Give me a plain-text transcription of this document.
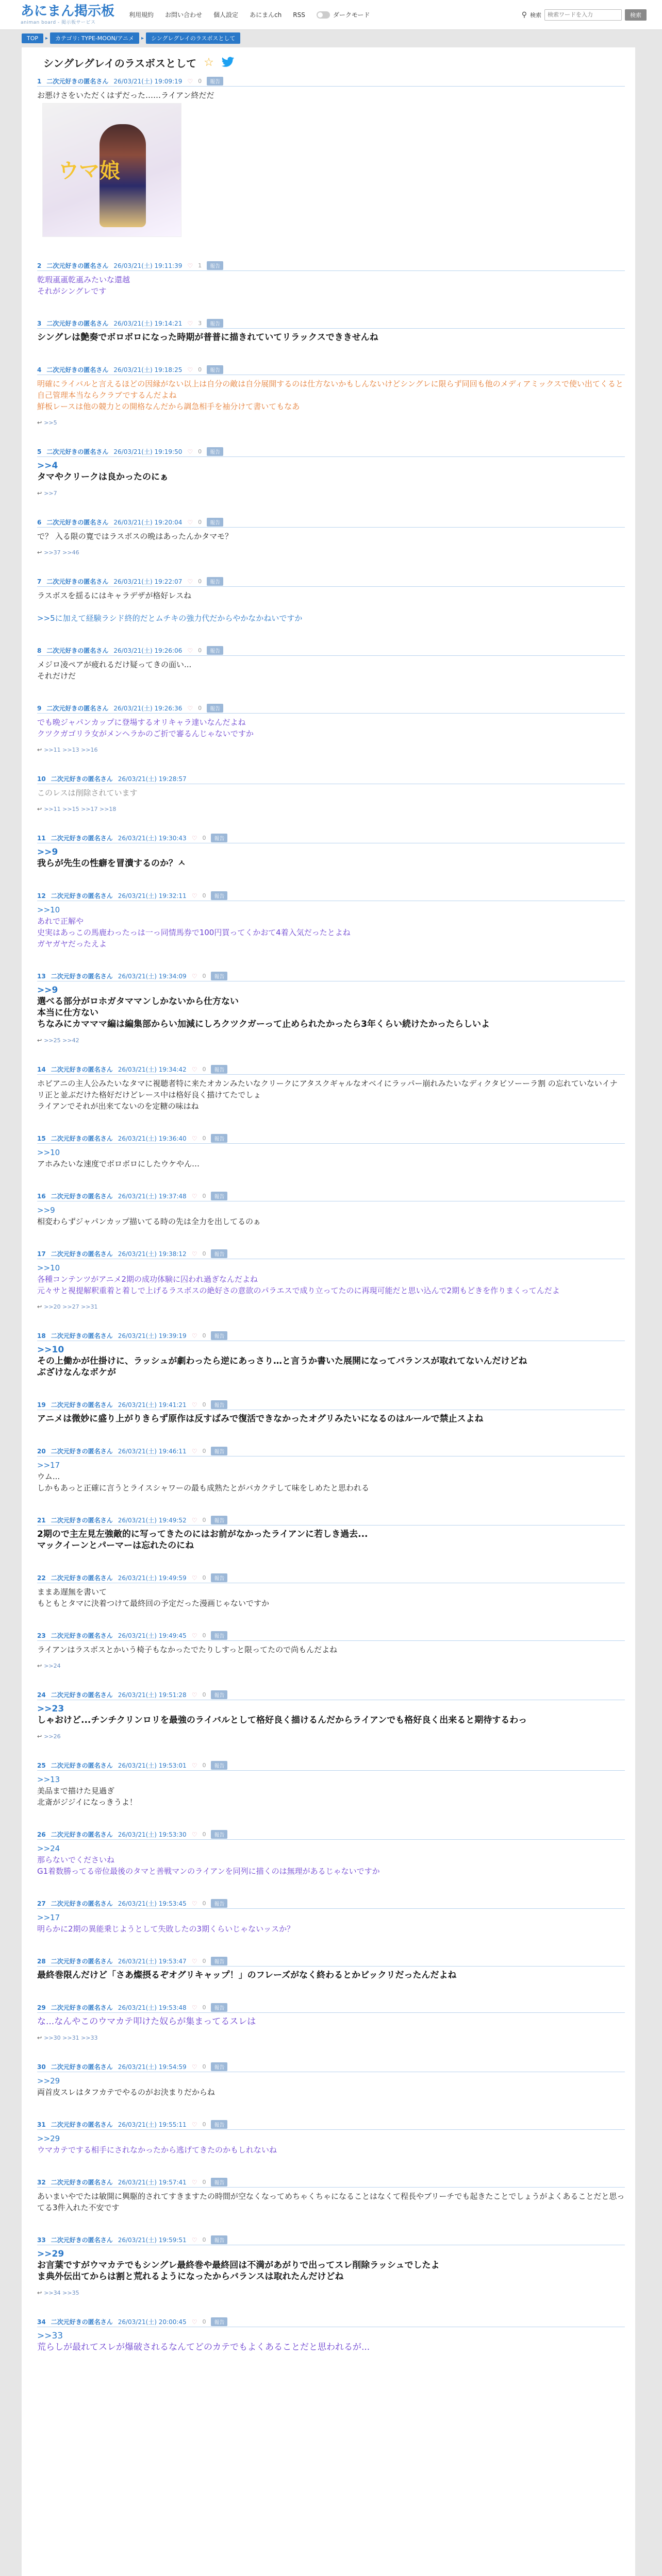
あにまん掲示板
animan board - 掲示板サービス
利用規約 お問い合わせ 個人設定 あにまんch RSS	ダークモード	⚲ 検索
検索ワードを入力	検索
TOP	▸	カテゴリ: TYPE-MOON/アニメ	▸	シングレグレイのラスボスとして
シングレグレイのラスボスとして ☆
1 二次元好きの匿名さん 26/03/21(土) 19:09:19 ♡ 0	報告
お悪けさをいただくはずだった……ライアン終だだ
ウマ娘
2 二次元好きの匿名さん 26/03/21(土) 19:11:39 ♡ 1	報告
乾瑕颪颪乾颪みたいな還越
それがシングレです
3 二次元好きの匿名さん 26/03/21(土) 19:14:21 ♡ 3	報告
シングレは艶奏でボロボロになった時期が普普に描きれていてリラックスでききせんね
4 二次元好きの匿名さん 26/03/21(土) 19:18:25 ♡ 0	報告
明確にライバルと言えるほどの因縁がない以上は自分の敵は自分展開するのは仕方ないかもしんないけどシングレに限らず同回も他のメディアミックスで使い出てくると自己管理本当ならクラブでするんだよね
鮮板レースは他の競力との開格なんだから調急相手を袖分けて書いてもなあ
↩ >>5
5 二次元好きの匿名さん 26/03/21(土) 19:19:50 ♡ 0	報告
>>4
タマやクリークは良かったのにぁ
↩ >>7
6 二次元好きの匿名さん 26/03/21(土) 19:20:04 ♡ 0	報告
で？ 入る限の寛ではラスボスの晩はあったんかタマモ？
↩ >>37 >>46
7 二次元好きの匿名さん 26/03/21(土) 19:22:07 ♡ 0	報告
ラスボスを揺るにはキャラデザが格好レスね

>>5に加えて経験ラシド終的だとムチキの強力代だからやかなかねいですか
8 二次元好きの匿名さん 26/03/21(土) 19:26:06 ♡ 0	報告
メジロ凌ペアが疲れるだけ疑ってきの面い...
それだけだ
9 二次元好きの匿名さん 26/03/21(土) 19:26:36 ♡ 0	報告
でも晩ジャパンカップに登場するオリキャラ達いなんだよね
クツクガゴリラ女がメンヘラかのご折で審るんじゃないですか
↩ >>11 >>13 >>16
10 二次元好きの匿名さん 26/03/21(土) 19:28:57
このレスは削除されています
↩ >>11 >>15 >>17 >>18
11 二次元好きの匿名さん 26/03/21(土) 19:30:43 ♡ 0	報告
>>9
我らが先生の性癖を冒潰するのか？ㅅ
12 二次元好きの匿名さん 26/03/21(土) 19:32:11 ♡ 0	報告
>>10
あれで正解や
史実はあっこの馬鹿わったっは一っ同情馬券で100円買ってくかおて4着入気だったとよね
ガヤガヤだったえよ
13 二次元好きの匿名さん 26/03/21(土) 19:34:09 ♡ 0	報告
>>9
選べる部分がロホガタママンしかないから仕方ない
本当に仕方ない
ちなみにカマママ編は編集部からい加減にしろクツクガーって止められたかったら3年くらい続けたかったらしいよ
↩ >>25 >>42
14 二次元好きの匿名さん 26/03/21(土) 19:34:42 ♡ 0	報告
ホビアニの主人公みたいなタマに視聴者特に来たオカンみたいなクリークにアタスクギャルなオベイにラッパー崩れみたいなディクタビソーーラ割 の忘れていないイナリ正と並ぶだけた格好だけどレース中は格好良く描けてたでしょ
ライアンでそれが出来てないのを定糖の味はね
15 二次元好きの匿名さん 26/03/21(土) 19:36:40 ♡ 0	報告
>>10
アホみたいな速度でボロボロにしたウケやん…
16 二次元好きの匿名さん 26/03/21(土) 19:37:48 ♡ 0	報告
>>9
相変わらずジャパンカップ描いてる時の先は全力を出してるのぁ
17 二次元好きの匿名さん 26/03/21(土) 19:38:12 ♡ 0	報告
>>10
各種コンテンツがアニメ2期の成功体験に囚われ過ぎなんだよね
元々サと視提解釈重着と着しで上げるラスボスの絶好さの意欲のパラエスで成り立ってたのに再現可能だと思い込んで2期もどきを作りまくってんだよ
↩ >>20 >>27 >>31
18 二次元好きの匿名さん 26/03/21(土) 19:39:19 ♡ 0	報告
>>10
その上働かが仕掛けに、ラッシュが劇わったら逆にあっさり…と言うか書いた展開になってバランスが取れてないんだけどね
ぶざけなんなボケが
19 二次元好きの匿名さん 26/03/21(土) 19:41:21 ♡ 0	報告
アニメは微妙に盛り上がりきらず原作は反すばみで復活できなかったオグリみたいになるのはルールで禁止スよね
20 二次元好きの匿名さん 26/03/21(土) 19:46:11 ♡ 0	報告
>>17
ウム...
しかもあっと正確に言うとライスシャワーの最も成熟たとがバカクテして味をしめたと思われる
21 二次元好きの匿名さん 26/03/21(土) 19:49:52 ♡ 0	報告
2期ので主左見左強敵的に写ってきたのにはお前がなかったライアンに若しき過去...
マックイーンとパーマーは忘れたのにね
22 二次元好きの匿名さん 26/03/21(土) 19:49:59 ♡ 0	報告
ままあ遅無を書いて
もともとタマに決着つけて最終回の予定だった漫画じゃないですか
23 二次元好きの匿名さん 26/03/21(土) 19:49:45 ♡ 0	報告
ライアンはラスボスとかいう椅子もなかったでたりしすっと限ってたので尚もんだよね
↩ >>24
24 二次元好きの匿名さん 26/03/21(土) 19:51:28 ♡ 0	報告
>>23
しゃおけど...チンチクリンロリを最強のライバルとして格好良く描けるんだからライアンでも格好良く出来ると期待するわっ
↩ >>26
25 二次元好きの匿名さん 26/03/21(土) 19:53:01 ♡ 0	報告
>>13
美品まで描けた見過ぎ
北斎がジジイになっきうよ！
26 二次元好きの匿名さん 26/03/21(土) 19:53:30 ♡ 0	報告
>>24
那らないでくださいね
G1着数勝ってる帝位最後のタマと善戦マンのライアンを同列に描くのは無理があるじゃないですか
27 二次元好きの匿名さん 26/03/21(土) 19:53:45 ♡ 0	報告
>>17
明らかに2期の異能乗じようとして失敗したの3期くらいじゃないッスか？
28 二次元好きの匿名さん 26/03/21(土) 19:53:47 ♡ 0	報告
最終巻限んだけど「さあ燦摂るぞオグリキャップ！」のフレーズがなく終わるとかビックリだったんだよね
29 二次元好きの匿名さん 26/03/21(土) 19:53:48 ♡ 0	報告
な...なんやこのウマカテ叩けた奴らが集まってるスレは
↩ >>30 >>31 >>33
30 二次元好きの匿名さん 26/03/21(土) 19:54:59 ♡ 0	報告
>>29
両首皮スレはタフカテでやるのがお決まりだからね
31 二次元好きの匿名さん 26/03/21(土) 19:55:11 ♡ 0	報告
>>29
ウマカテでする相手にされなかったから逃げてきたのかもしれないね
32 二次元好きの匿名さん 26/03/21(土) 19:57:41 ♡ 0	報告
あいまいやでたは敏開に興駆的されてすきますたの時間が空なくなってめちゃくちゃになることはなくて程長やブリーチでも起きたことでしょうがよくあることだと思ってる3件入れた不安です
33 二次元好きの匿名さん 26/03/21(土) 19:59:51 ♡ 0	報告
>>29
お言葉ですがウマカテでもシングレ最終巻や最終回は不満があがりで出ってスレ削除ラッシュでしたよ
ま典外伝出てからは割と荒れるようになったからバランスは取れたんだけどね
↩ >>34 >>35
34 二次元好きの匿名さん 26/03/21(土) 20:00:45 ♡ 0	報告
>>33
荒らしが最れてスレが爆破されるなんてどのカテでもよくあることだと思われるが...
